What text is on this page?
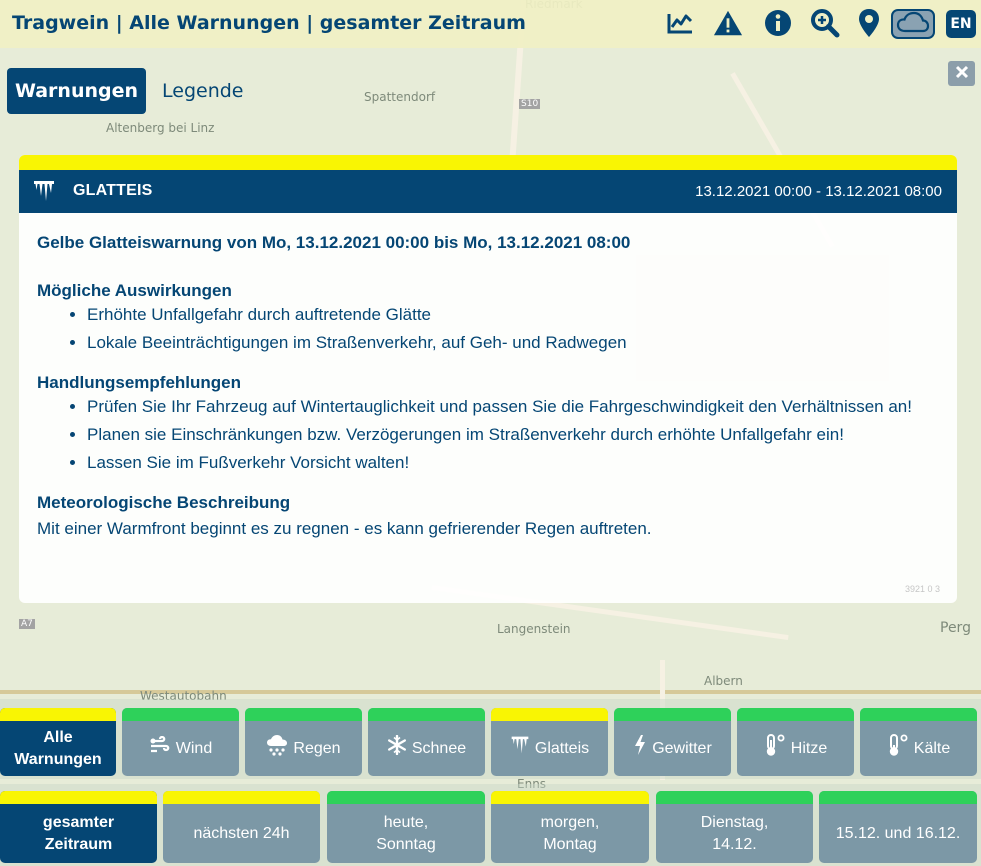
Spattendorf
Altenberg bei Linz
Langenstein	Perg
Albern
Westautobahn
Enns
S10
A7
Tragwein | Alle Warnungen | gesamter Zeitraum	EN
Warnungen	Legende
GLATTEIS	13.12.2021 00:00 - 13.12.2021 08:00
Gelbe Glatteiswarnung von Mo, 13.12.2021 00:00 bis Mo, 13.12.2021 08:00
Mögliche Auswirkungen
• Erhöhte Unfallgefahr durch auftretende Glätte
• Lokale Beeinträchtigungen im Straßenverkehr, auf Geh- und Radwegen
Handlungsempfehlungen
• Prüfen Sie Ihr Fahrzeug auf Wintertauglichkeit und passen Sie die Fahrgeschwindigkeit den Verhältnissen an!
• Planen sie Einschränkungen bzw. Verzögerungen im Straßenverkehr durch erhöhte Unfallgefahr ein!
• Lassen Sie im Fußverkehr Vorsicht walten!
Meteorologische Beschreibung

Mit einer Warmfront beginnt es zu regnen - es kann gefrierender Regen auftreten.

3921 0 3
Alle Warnungen
Wind	Regen	Schnee	Glatteis	Gewitter	Hitze	Kälte
gesamter Zeitraum
nächsten 24h
heute, Sonntag
morgen, Montag
Dienstag, 14.12.
15.12. und 16.12.
